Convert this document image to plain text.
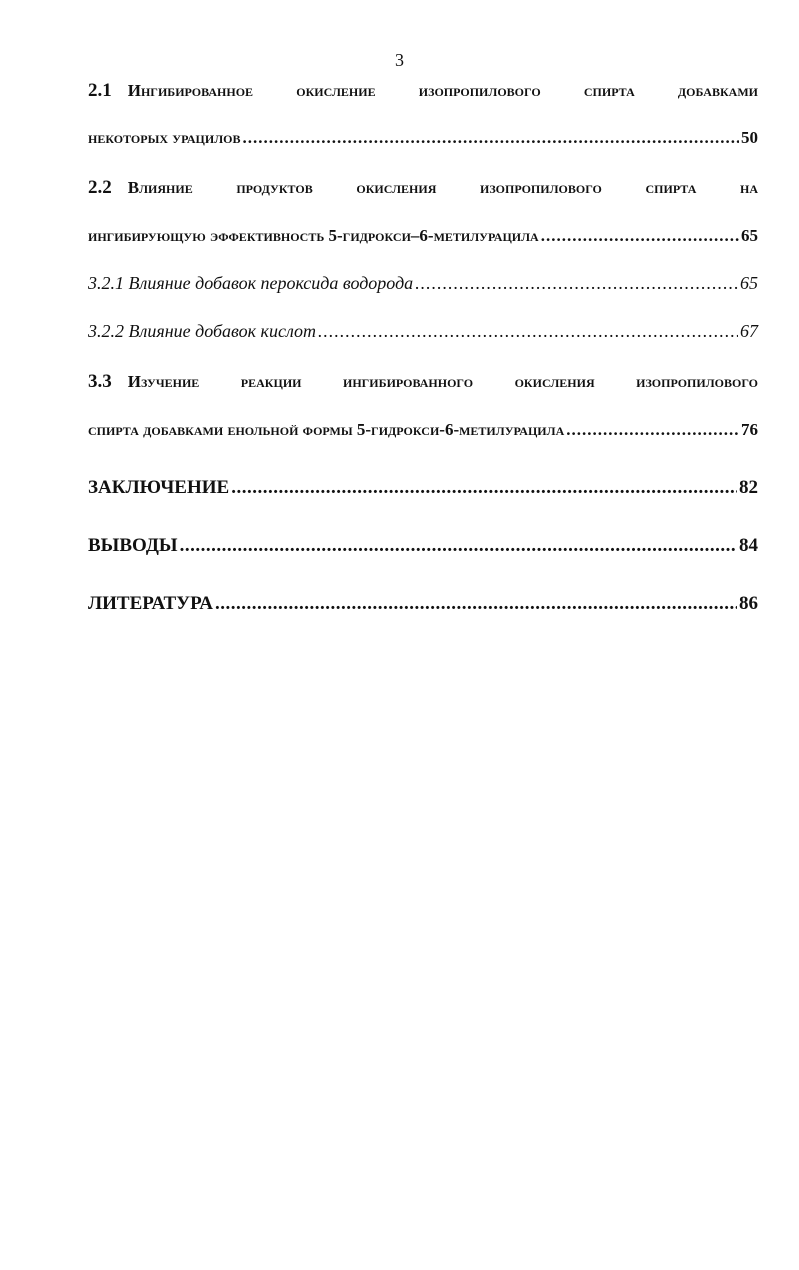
3
2.1 Ингибированное окисление изопропилового спирта добавками
некоторых урацилов .....	50
2.2 Влияние продуктов окисления изопропилового спирта на
ингибирующую эффективность 5-гидрокси–6-метилурацила .....	65
3.2.1 Влияние добавок пероксида водорода .....	65
3.2.2 Влияние добавок кислот .....	67
3.3 Изучение реакции ингибированного окисления изопропилового
спирта добавками енольной формы 5-гидрокси-6-метилурацила .....	76
ЗАКЛЮЧЕНИЕ .....	82
ВЫВОДЫ .....	84
ЛИТЕРАТУРА .....	86
